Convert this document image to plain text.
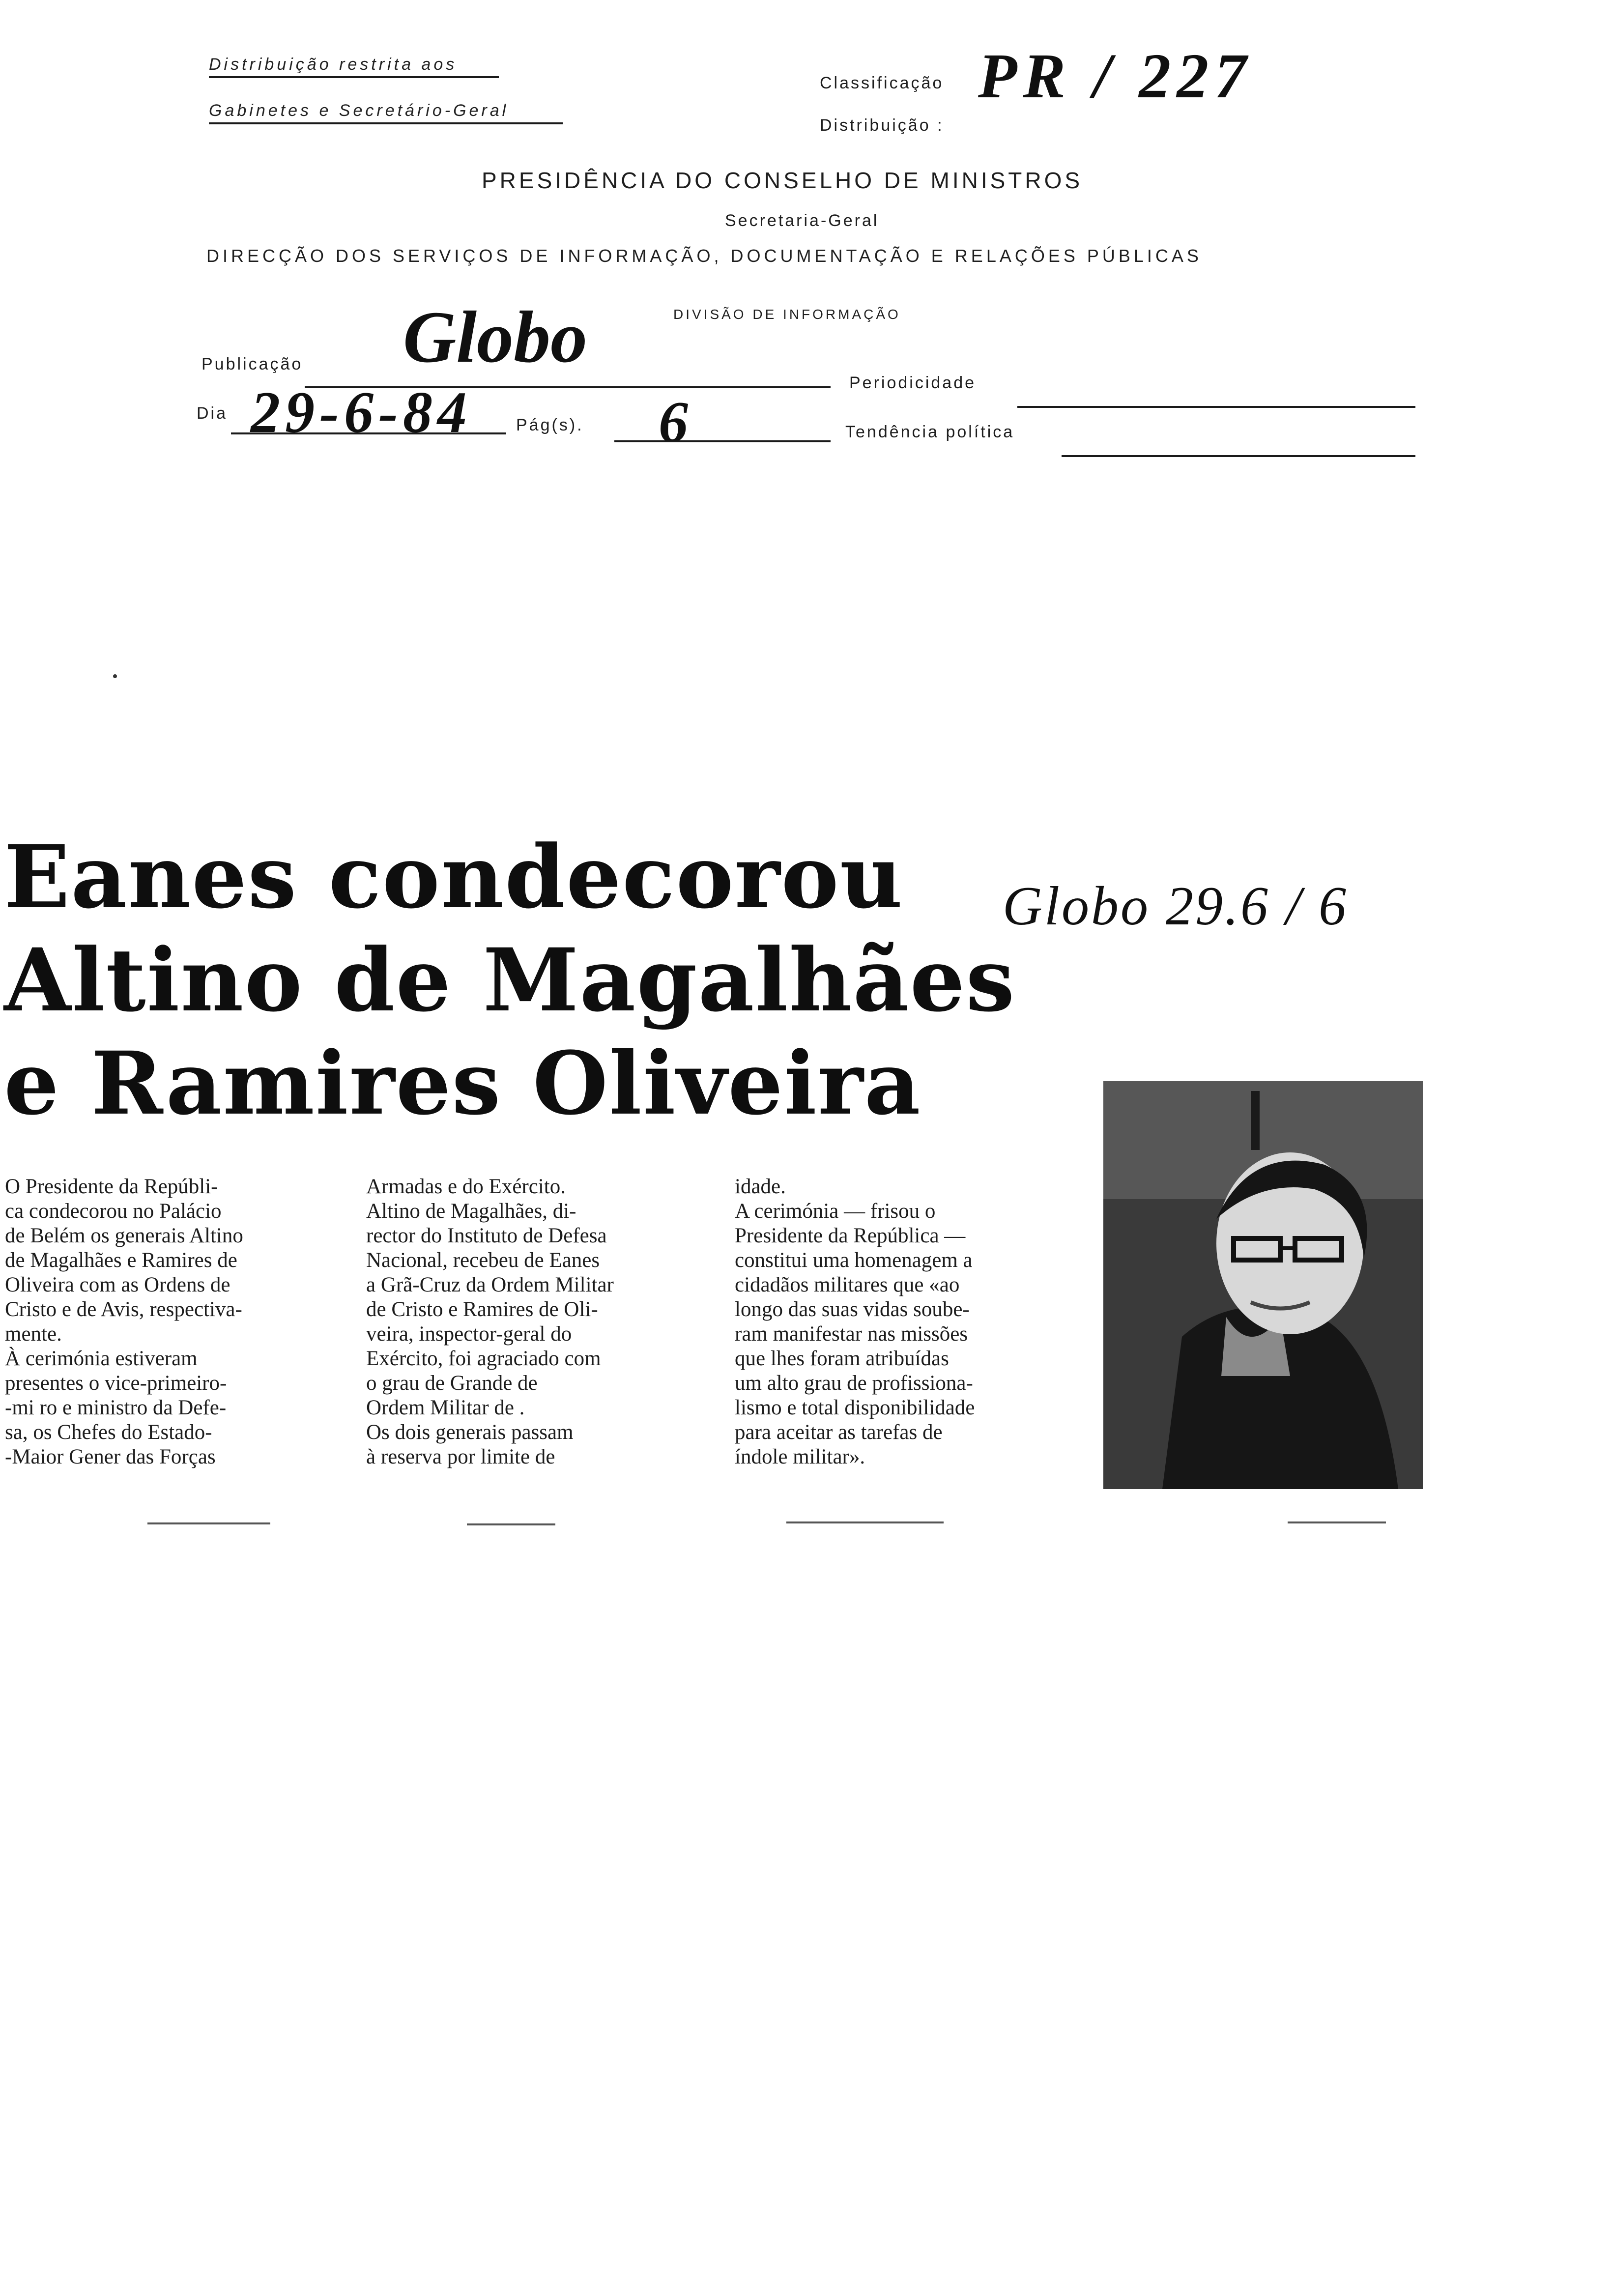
Distribuição restrita aos
Gabinetes e Secretário-Geral
Classificação PR / 227
Distribuição :
PRESIDÊNCIA DO CONSELHO DE MINISTROS
Secretaria-Geral
DIRECÇÃO DOS SERVIÇOS DE INFORMAÇÃO, DOCUMENTAÇÃO E RELAÇÕES PÚBLICAS
DIVISÃO DE INFORMAÇÃO
Publicação Globo
Periodicidade
Dia 29-6-84	Pág(s). 6	Tendência política
Eanes condecorou Globo 29.6 / 6
Altino de Magalhães
e Ramires Oliveira
O Presidente da Repúbli-
ca condecorou no Palácio
de Belém os generais Altino
de Magalhães e Ramires de
Oliveira com as Ordens de
Cristo e de Avis, respectiva-
mente.
À cerimónia estiveram
presentes o vice-primeiro-
-mi ro e ministro da Defe-
sa, os Chefes do Estado-
-Maior Gener das Forças
Armadas e do Exército.
Altino de Magalhães, di-
rector do Instituto de Defesa
Nacional, recebeu de Eanes
a Grã-Cruz da Ordem Militar
de Cristo e Ramires de Oli-
veira, inspector-geral do
Exército, foi agraciado com
o grau de Grande de
Ordem Militar de .
Os dois generais passam
à reserva por limite de
idade.
A cerimónia — frisou o
Presidente da República —
constitui uma homenagem a
cidadãos militares que «ao
longo das suas vidas soube-
ram manifestar nas missões
que lhes foram atribuídas
um alto grau de profissiona-
lismo e total disponibilidade
para aceitar as tarefas de
índole militar».
